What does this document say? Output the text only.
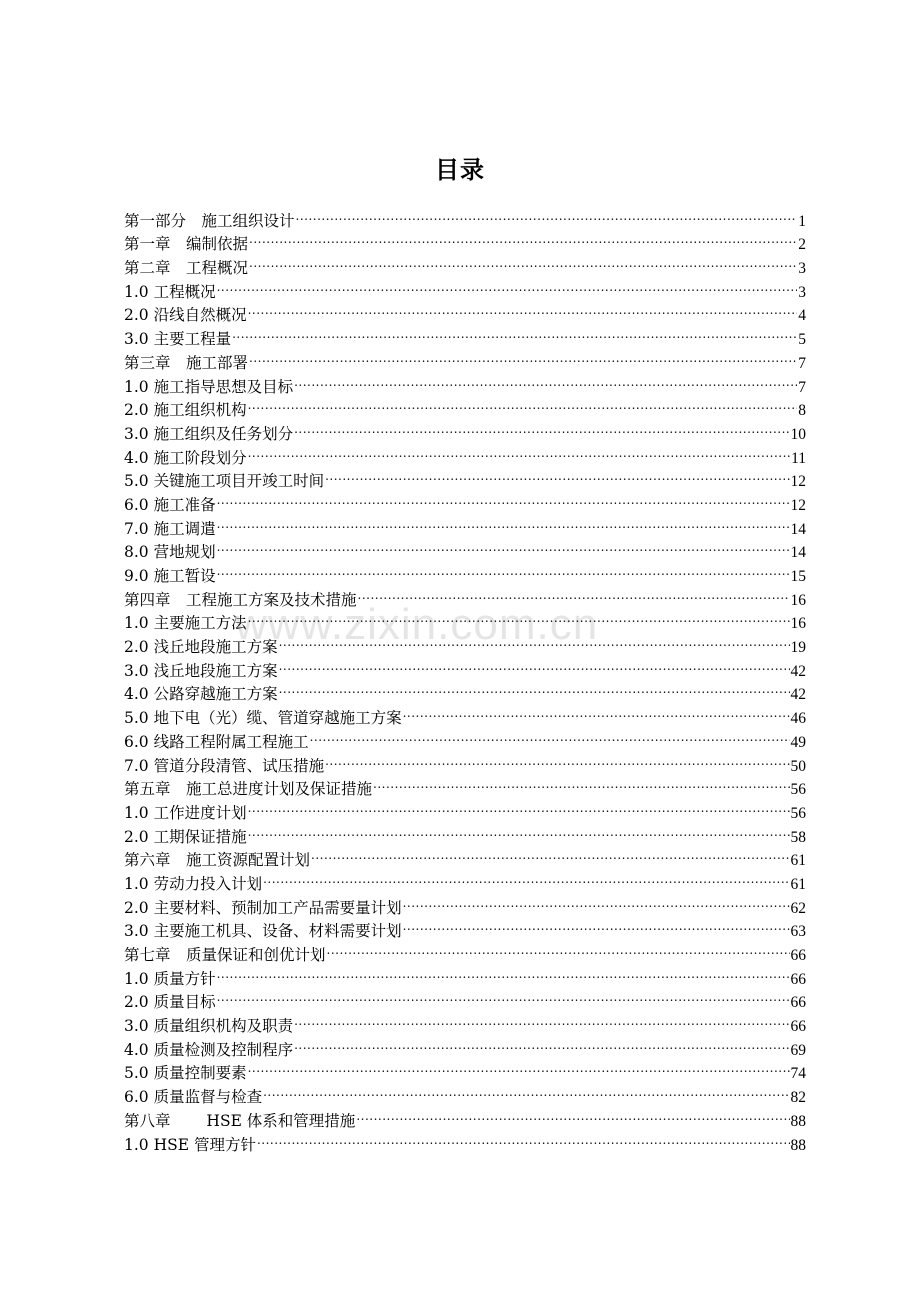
目录
www.zixin.com.cn
第一部分　施工组织设计 .....	1
第一章　编制依据 .....	2
第二章　工程概况 .....	3
1.0 工程概况 .....	3
2.0 沿线自然概况 .....	4
3.0 主要工程量 .....	5
第三章　施工部署 .....	7
1.0 施工指导思想及目标 .....	7
2.0 施工组织机构 .....	8
3.0 施工组织及任务划分 .....	10
4.0 施工阶段划分 .....	11
5.0 关键施工项目开竣工时间 .....	12
6.0 施工准备 .....	12
7.0 施工调遣 .....	14
8.0 营地规划 .....	14
9.0 施工暂设 .....	15
第四章　工程施工方案及技术措施 .....	16
1.0 主要施工方法 .....	16
2.0 浅丘地段施工方案 .....	19
3.0 浅丘地段施工方案 .....	42
4.0 公路穿越施工方案 .....	42
5.0 地下电（光）缆、管道穿越施工方案 .....	46
6.0 线路工程附属工程施工 .....	49
7.0 管道分段清管、试压措施 .....	50
第五章　施工总进度计划及保证措施 .....	56
1.0 工作进度计划 .....	56
2.0 工期保证措施 .....	58
第六章　施工资源配置计划 .....	61
1.0 劳动力投入计划 .....	61
2.0 主要材料、预制加工产品需要量计划 .....	62
3.0 主要施工机具、设备、材料需要计划 .....	63
第七章　质量保证和创优计划 .....	66
1.0 质量方针 .....	66
2.0 质量目标 .....	66
3.0 质量组织机构及职责 .....	66
4.0 质量检测及控制程序 .....	69
5.0 质量控制要素 .....	74
6.0 质量监督与检查 .....	82
第八章　　 HSE 体系和管理措施 .....	88
1.0 HSE 管理方针 .....	88
